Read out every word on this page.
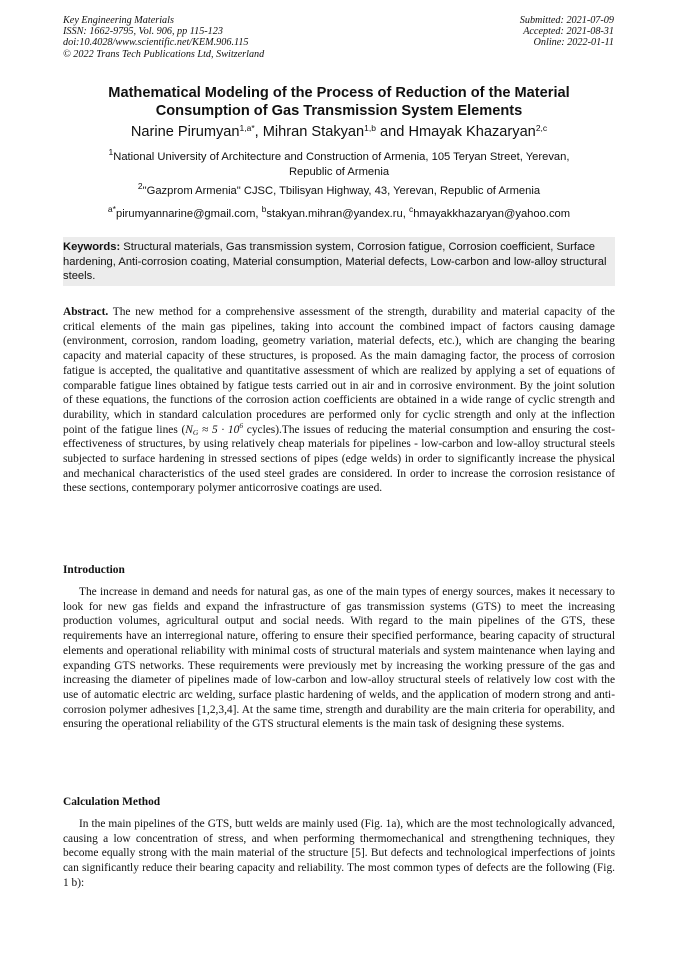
Key Engineering Materials
ISSN: 1662-9795, Vol. 906, pp 115-123
doi:10.4028/www.scientific.net/KEM.906.115
© 2022 Trans Tech Publications Ltd, Switzerland
Submitted: 2021-07-09
Accepted: 2021-08-31
Online: 2022-01-11
Mathematical Modeling of the Process of Reduction of the Material
Consumption of Gas Transmission System Elements
Narine Pirumyan$^{1,a*}$, Mihran Stakyan$^{1,b}$ and Hmayak Khazaryan$^{2,c}$
$^1$National University of Architecture and Construction of Armenia, 105 Teryan Street, Yerevan,
Republic of Armenia
$^2$"Gazprom Armenia" CJSC, Tbilisyan Highway, 43, Yerevan, Republic of Armenia
$^{a*}$pirumyannarine@gmail.com, $^b$stakyan.mihran@yandex.ru, $^c$hmayakkhazaryan@yahoo.com
Keywords: Structural materials, Gas transmission system, Corrosion fatigue, Corrosion coefficient, Surface hardening, Anti-corrosion coating, Material consumption, Material defects, Low-carbon and low-alloy structural steels.
Abstract. The new method for a comprehensive assessment of the strength, durability and material capacity of the critical elements of the main gas pipelines, taking into account the combined impact of factors causing damage (environment, corrosion, random loading, geometry variation, material defects, etc.), which are changing the bearing capacity and material capacity of these structures, is proposed. As the main damaging factor, the process of corrosion fatigue is accepted, the qualitative and quantitative assessment of which are realized by applying a set of equations of comparable fatigue lines obtained by fatigue tests carried out in air and in corrosive environment. By the joint solution of these equations, the functions of the corrosion action coefficients are obtained in a wide range of cyclic strength and durability, which in standard calculation procedures are performed only for cyclic strength and only at the inflection point of the fatigue lines ($N_G \approx 5 \cdot 10^6$ cycles).The issues of reducing the material consumption and ensuring the cost-effectiveness of structures, by using relatively cheap materials for pipelines - low-carbon and low-alloy structural steels subjected to surface hardening in stressed sections of pipes (edge welds) in order to significantly increase the physical and mechanical characteristics of the used steel grades are considered. In order to increase the corrosion resistance of these sections, contemporary polymer anticorrosive coatings are used.
Introduction
The increase in demand and needs for natural gas, as one of the main types of energy sources, makes it necessary to look for new gas fields and expand the infrastructure of gas transmission systems (GTS) to meet the increasing production volumes, agricultural output and social needs. With regard to the main pipelines of the GTS, these requirements have an interregional nature, offering to ensure their specified performance, bearing capacity of structural elements and operational reliability with minimal costs of structural materials and system maintenance when laying and expanding GTS networks. These requirements were previously met by increasing the working pressure of the gas and increasing the diameter of pipelines made of low-carbon and low-alloy structural steels of relatively low cost with the use of automatic electric arc welding, surface plastic hardening of welds, and the application of modern strong and anti-corrosion polymer adhesives [1,2,3,4]. At the same time, strength and durability are the main criteria for operability, and ensuring the operational reliability of the GTS structural elements is the main task of designing these systems.
Calculation Method
In the main pipelines of the GTS, butt welds are mainly used (Fig. 1a), which are the most technologically advanced, causing a low concentration of stress, and when performing thermomechanical and strengthening techniques, they become equally strong with the main material of the structure [5]. But defects and technological imperfections of joints can significantly reduce their bearing capacity and reliability. The most common types of defects are the following (Fig. 1 b):
